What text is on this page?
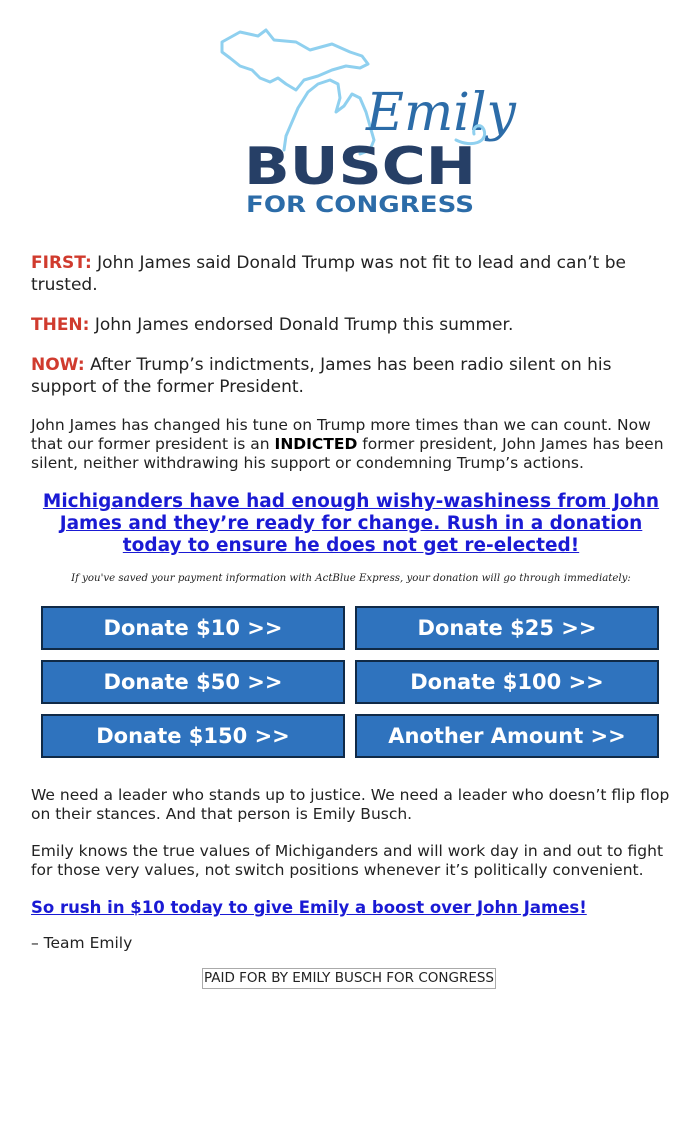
Emily
BUSCH
FOR CONGRESS

FIRST: John James said Donald Trump was not fit to lead and can’t be trusted.

THEN: John James endorsed Donald Trump this summer.

NOW: After Trump’s indictments, James has been radio silent on his support of the former President.

John James has changed his tune on Trump more times than we can count. Now that our former president is an INDICTED former president, John James has been silent, neither withdrawing his support or condemning Trump’s actions.

Michiganders have had enough wishy-washiness from John James and they’re ready for change. Rush in a donation today to ensure he does not get re-elected!
If you've saved your payment information with ActBlue Express, your donation will go through immediately:
Donate $10 >>	Donate $25 >>
Donate $50 >>	Donate $100 >>
Donate $150 >>	Another Amount >>

We need a leader who stands up to justice. We need a leader who doesn’t flip flop on their stances. And that person is Emily Busch.

Emily knows the true values of Michiganders and will work day in and out to fight for those very values, not switch positions whenever it’s politically convenient.

So rush in $10 today to give Emily a boost over John James!

– Team Emily

PAID FOR BY EMILY BUSCH FOR CONGRESS
